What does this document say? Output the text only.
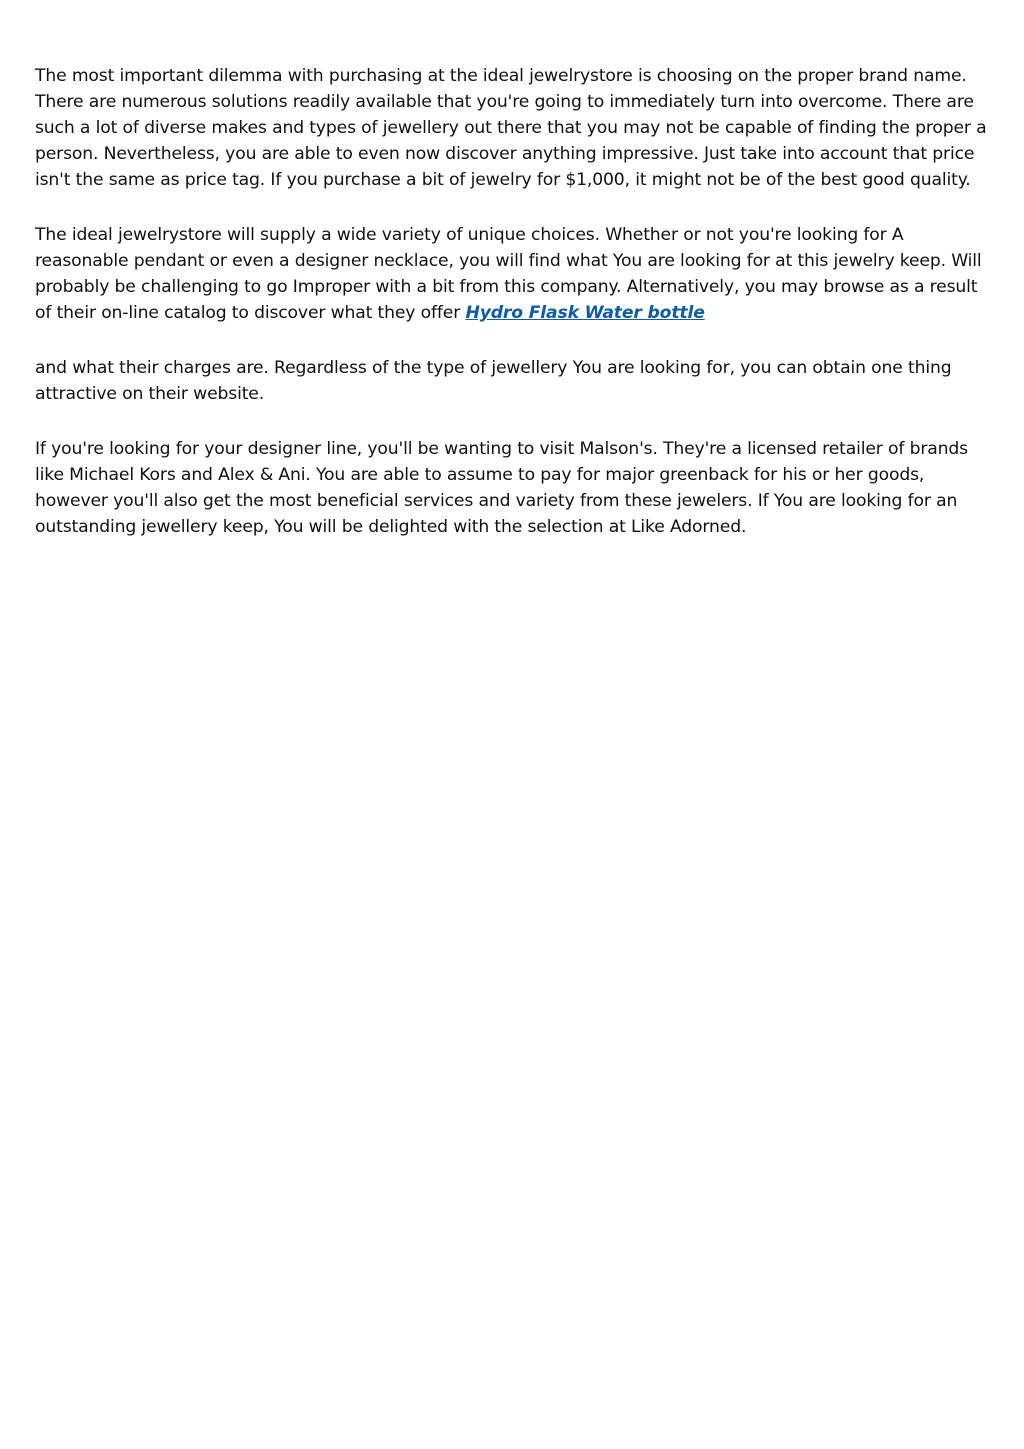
The most important dilemma with purchasing at the ideal jewelrystore is choosing on the proper brand name. There are numerous solutions readily available that you're going to immediately turn into overcome. There are such a lot of diverse makes and types of jewellery out there that you may not be capable of finding the proper a person. Nevertheless, you are able to even now discover anything impressive. Just take into account that price isn't the same as price tag. If you purchase a bit of jewelry for $1,000, it might not be of the best good quality.

The ideal jewelrystore will supply a wide variety of unique choices. Whether or not you're looking for A reasonable pendant or even a designer necklace, you will find what You are looking for at this jewelry keep. Will probably be challenging to go Improper with a bit from this company. Alternatively, you may browse as a result of their on-line catalog to discover what they offer Hydro Flask Water bottle

and what their charges are. Regardless of the type of jewellery You are looking for, you can obtain one thing attractive on their website.

If you're looking for your designer line, you'll be wanting to visit Malson's. They're a licensed retailer of brands like Michael Kors and Alex & Ani. You are able to assume to pay for major greenback for his or her goods, however you'll also get the most beneficial services and variety from these jewelers. If You are looking for an outstanding jewellery keep, You will be delighted with the selection at Like Adorned.
